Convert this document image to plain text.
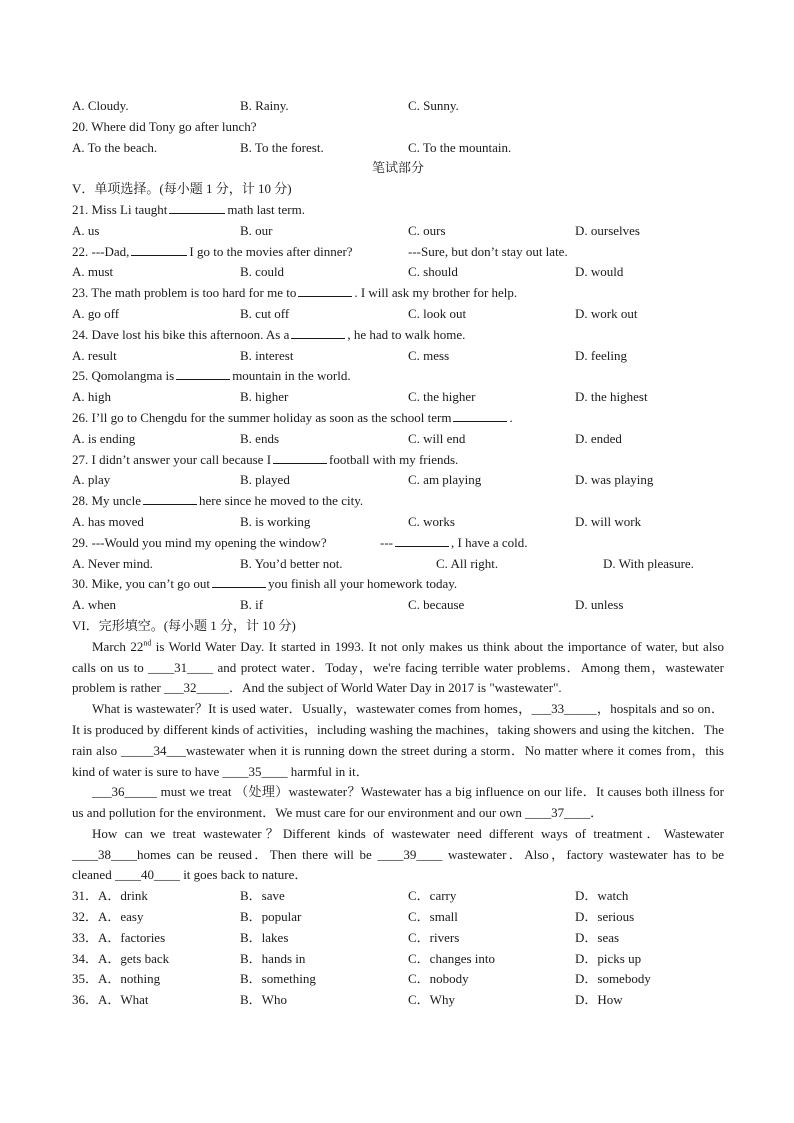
A. Cloudy.	B. Rainy.	C. Sunny.
20. Where did Tony go after lunch?
A. To the beach.	B. To the forest.	C. To the mountain.
笔试部分
V．单项选择。(每小题 1 分，计 10 分)
21. Miss Li taught	math last term.
A. us	B. our	C. ours	D. ourselves
22. ---Dad,	I go to the movies after dinner?	---Sure, but don’t stay out late.
A. must	B. could	C. should	D. would
23. The math problem is too hard for me to	. I will ask my brother for help.
A. go off	B. cut off	C. look out	D. work out
24. Dave lost his bike this afternoon. As a	, he had to walk home.
A. result	B. interest	C. mess	D. feeling
25. Qomolangma is	mountain in the world.
A. high	B. higher	C. the higher	D. the highest
26. I’ll go to Chengdu for the summer holiday as soon as the school term	.
A. is ending	B. ends	C. will end	D. ended
27. I didn’t answer your call because I	football with my friends.
A. play	B. played	C. am playing	D. was playing
28. My uncle	here since he moved to the city.
A. has moved	B. is working	C. works	D. will work
29. ---Would you mind my opening the window?	---	, I have a cold.
A. Never mind.	B. You’d better not.	C. All right.	D. With pleasure.
30. Mike, you can’t go out	you finish all your homework today.
A. when	B. if	C. because	D. unless
VI．完形填空。(每小题 1 分，计 10 分)

March 22nd is World Water Day. It started in 1993. It not only makes us think about the importance of water, but also calls on us to ____31____ and protect water．Today，we're facing terrible water problems．Among them，wastewater problem is rather ___32_____．And the subject of World Water Day in 2017 is "wastewater".

What is wastewater？It is used water．Usually，wastewater comes from homes，___33_____，hospitals and so on．It is produced by different kinds of activities，including washing the machines，taking showers and using the kitchen．The rain also _____34___wastewater when it is running down the street during a storm．No matter where it comes from，this kind of water is sure to have ____35____ harmful in it．

___36_____ must we treat （处理）wastewater？Wastewater has a big influence on our life．It causes both illness for us and pollution for the environment．We must care for our environment and our own ____37____．

How can we treat wastewater？Different kinds of wastewater need different ways of treatment．Wastewater ____38____homes can be reused．Then there will be ____39____ wastewater．Also，factory wastewater has to be cleaned ____40____ it goes back to nature．

31．A．drink	B．save	C．carry	D．watch
32．A．easy	B．popular	C．small	D．serious
33．A．factories	B．lakes	C．rivers	D．seas
34．A．gets back	B．hands in	C．changes into	D．picks up
35．A．nothing	B．something	C．nobody	D．somebody
36．A．What	B．Who	C．Why	D．How
